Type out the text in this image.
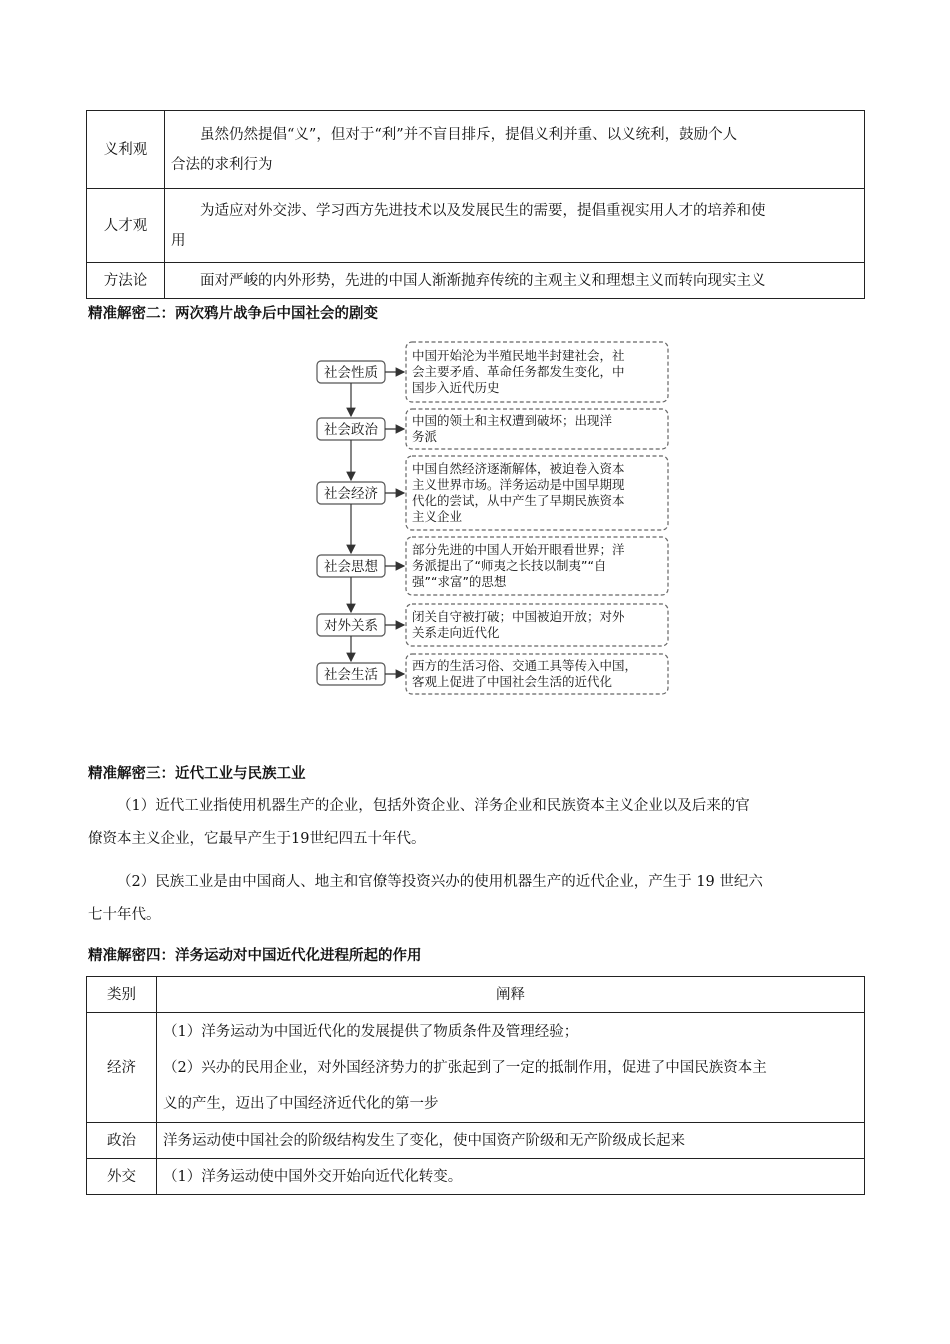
义利观	虽然仍然提倡“义”，但对于“利”并不盲目排斥，提倡义利并重、以义统利，鼓励个人
合法的求利行为

人才观	为适应对外交涉、学习西方先进技术以及发展民生的需要，提倡重视实用人才的培养和使
用

方法论	面对严峻的内外形势，先进的中国人渐渐抛弃传统的主观主义和理想主义而转向现实主义

精准解密二：两次鸦片战争后中国社会的剧变

社会性质
中国开始沦为半殖民地半封建社会，社
会主要矛盾、革命任务都发生变化，中
国步入近代历史
社会政治
中国的领土和主权遭到破坏；出现洋
务派
社会经济
中国自然经济逐渐解体，被迫卷入资本
主义世界市场。洋务运动是中国早期现
代化的尝试，从中产生了早期民族资本
主义企业
社会思想
部分先进的中国人开始开眼看世界；洋
务派提出了“师夷之长技以制夷”“自
强”“求富”的思想
对外关系
闭关自守被打破；中国被迫开放；对外
关系走向近代化
社会生活
西方的生活习俗、交通工具等传入中国，
客观上促进了中国社会生活的近代化

精准解密三：近代工业与民族工业

（1）近代工业指使用机器生产的企业，包括外资企业、洋务企业和民族资本主义企业以及后来的官
僚资本主义企业，它最早产生于19世纪四五十年代。
（2）民族工业是由中国商人、地主和官僚等投资兴办的使用机器生产的近代企业，产生于 19 世纪六
七十年代。

精准解密四：洋务运动对中国近代化进程所起的作用

类别	阐释
经济	（1）洋务运动为中国近代化的发展提供了物质条件及管理经验；
（2）兴办的民用企业，对外国经济势力的扩张起到了一定的抵制作用，促进了中国民族资本主
义的产生，迈出了中国经济近代化的第一步

政治	洋务运动使中国社会的阶级结构发生了变化，使中国资产阶级和无产阶级成长起来
外交	（1）洋务运动使中国外交开始向近代化转变。
